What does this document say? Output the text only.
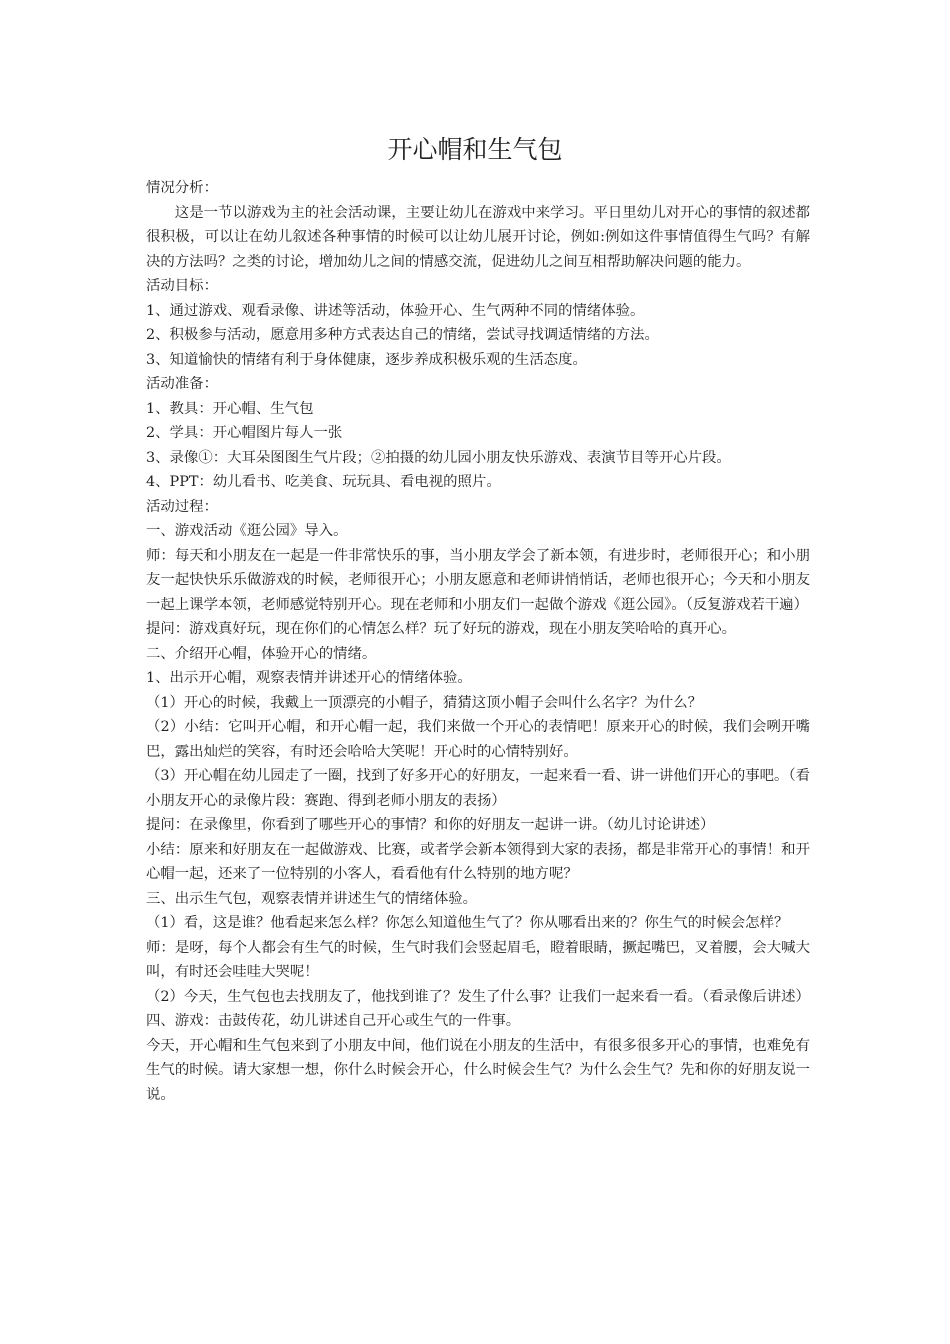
开心帽和生气包

情况分析：

这是一节以游戏为主的社会活动课，主要让幼儿在游戏中来学习。平日里幼儿对开心的事情的叙述都很积极，可以让在幼儿叙述各种事情的时候可以让幼儿展开讨论，例如:例如这件事情值得生气吗？有解决的方法吗？之类的讨论，增加幼儿之间的情感交流，促进幼儿之间互相帮助解决问题的能力。

活动目标：

1、通过游戏、观看录像、讲述等活动，体验开心、生气两种不同的情绪体验。

2、积极参与活动，愿意用多种方式表达自己的情绪，尝试寻找调适情绪的方法。

3、知道愉快的情绪有利于身体健康，逐步养成积极乐观的生活态度。

活动准备：

1、教具：开心帽、生气包

2、学具：开心帽图片每人一张

3、录像①：大耳朵图图生气片段；②拍摄的幼儿园小朋友快乐游戏、表演节目等开心片段。

4、PPT：幼儿看书、吃美食、玩玩具、看电视的照片。

活动过程：

一、游戏活动《逛公园》导入。

师：每天和小朋友在一起是一件非常快乐的事，当小朋友学会了新本领，有进步时，老师很开心；和小朋友一起快快乐乐做游戏的时候，老师很开心；小朋友愿意和老师讲悄悄话，老师也很开心；今天和小朋友一起上课学本领，老师感觉特别开心。现在老师和小朋友们一起做个游戏《逛公园》。（反复游戏若干遍）

提问：游戏真好玩，现在你们的心情怎么样？玩了好玩的游戏，现在小朋友笑哈哈的真开心。

二、介绍开心帽，体验开心的情绪。

1、出示开心帽，观察表情并讲述开心的情绪体验。

（1）开心的时候，我戴上一顶漂亮的小帽子，猜猜这顶小帽子会叫什么名字？为什么？

（2）小结：它叫开心帽，和开心帽一起，我们来做一个开心的表情吧！原来开心的时候，我们会咧开嘴巴，露出灿烂的笑容，有时还会哈哈大笑呢！开心时的心情特别好。

（3）开心帽在幼儿园走了一圈，找到了好多开心的好朋友，一起来看一看、讲一讲他们开心的事吧。（看小朋友开心的录像片段：赛跑、得到老师小朋友的表扬）

提问：在录像里，你看到了哪些开心的事情？和你的好朋友一起讲一讲。（幼儿讨论讲述）

小结：原来和好朋友在一起做游戏、比赛，或者学会新本领得到大家的表扬，都是非常开心的事情！和开心帽一起，还来了一位特别的小客人，看看他有什么特别的地方呢？

三、出示生气包，观察表情并讲述生气的情绪体验。

（1）看，这是谁？他看起来怎么样？你怎么知道他生气了？你从哪看出来的？你生气的时候会怎样？

师：是呀，每个人都会有生气的时候，生气时我们会竖起眉毛，瞪着眼睛，撅起嘴巴，叉着腰，会大喊大叫，有时还会哇哇大哭呢！

（2）今天，生气包也去找朋友了，他找到谁了？发生了什么事？让我们一起来看一看。（看录像后讲述）

四、游戏：击鼓传花，幼儿讲述自己开心或生气的一件事。

今天，开心帽和生气包来到了小朋友中间，他们说在小朋友的生活中，有很多很多开心的事情，也难免有生气的时候。请大家想一想，你什么时候会开心，什么时候会生气？为什么会生气？先和你的好朋友说一说。
